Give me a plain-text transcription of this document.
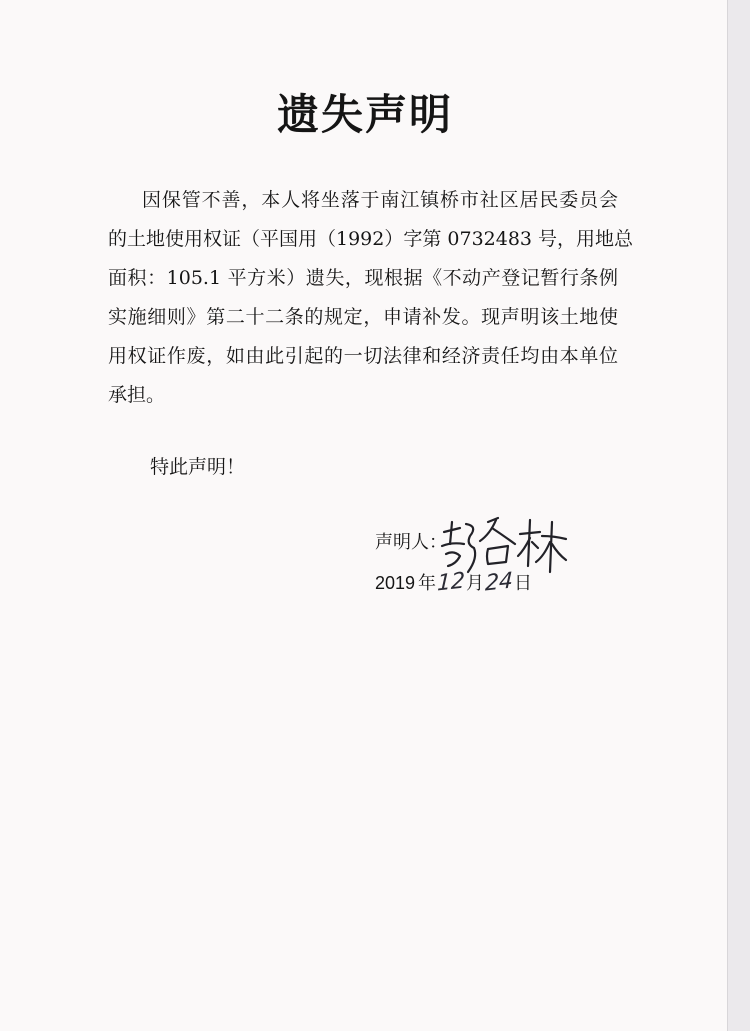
遗失声明
因保管不善，本人将坐落于南江镇桥市社区居民委员会
的土地使用权证（平国用（1992）字第 0732483 号，用地总
面积：105.1 平方米）遗失，现根据《不动产登记暂行条例
实施细则》第二十二条的规定，申请补发。现声明该土地使
用权证作废，如由此引起的一切法律和经济责任均由本单位
承担。
特此声明！
声明人：
2019 年12月24日
